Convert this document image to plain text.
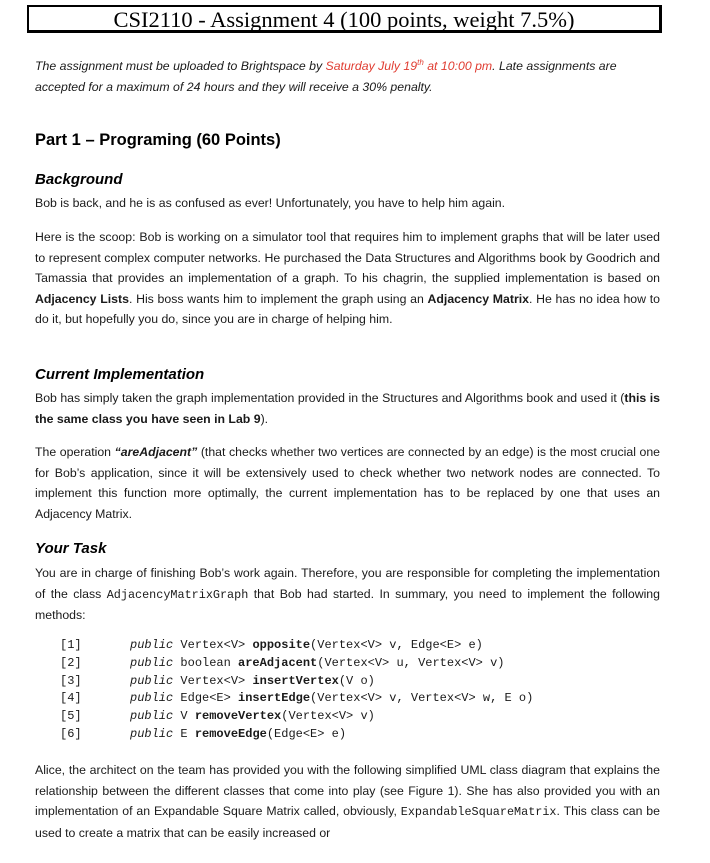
CSI2110 - Assignment 4 (100 points, weight 7.5%)
The assignment must be uploaded to Brightspace by Saturday July 19th at 10:00 pm. Late assignments are accepted for a maximum of 24 hours and they will receive a 30% penalty.
Part 1 – Programing (60 Points)
Background
Bob is back, and he is as confused as ever! Unfortunately, you have to help him again.
Here is the scoop: Bob is working on a simulator tool that requires him to implement graphs that will be later used to represent complex computer networks. He purchased the Data Structures and Algorithms book by Goodrich and Tamassia that provides an implementation of a graph. To his chagrin, the supplied implementation is based on Adjacency Lists. His boss wants him to implement the graph using an Adjacency Matrix. He has no idea how to do it, but hopefully you do, since you are in charge of helping him.
Current Implementation
Bob has simply taken the graph implementation provided in the Structures and Algorithms book and used it (this is the same class you have seen in Lab 9).
The operation “areAdjacent” (that checks whether two vertices are connected by an edge) is the most crucial one for Bob’s application, since it will be extensively used to check whether two network nodes are connected. To implement this function more optimally, the current implementation has to be replaced by one that uses an Adjacency Matrix.
Your Task
You are in charge of finishing Bob’s work again. Therefore, you are responsible for completing the implementation of the class AdjacencyMatrixGraph that Bob had started. In summary, you need to implement the following methods:
[1]	public Vertex<V> opposite(Vertex<V> v, Edge<E> e)
[2]	public boolean areAdjacent(Vertex<V> u, Vertex<V> v)
[3]	public Vertex<V> insertVertex(V o)
[4]	public Edge<E> insertEdge(Vertex<V> v, Vertex<V> w, E o)
[5]	public V removeVertex(Vertex<V> v)
[6]	public E removeEdge(Edge<E> e)
Alice, the architect on the team has provided you with the following simplified UML class diagram that explains the relationship between the different classes that come into play (see Figure 1). She has also provided you with an implementation of an Expandable Square Matrix called, obviously, ExpandableSquareMatrix. This class can be used to create a matrix that can be easily increased or
